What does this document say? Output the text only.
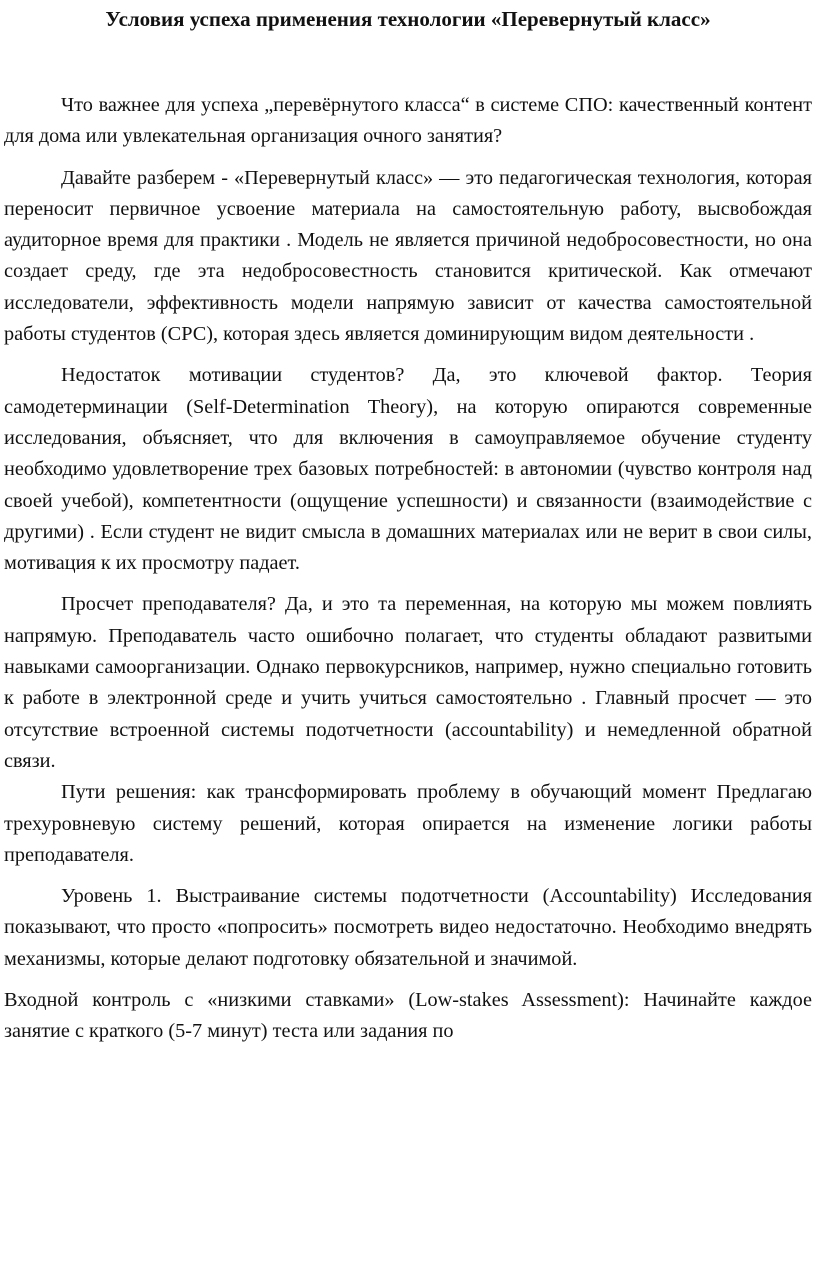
Условия успеха применения технологии «Перевернутый класс»

Что важнее для успеха „перевёрнутого класса“ в системе СПО: качественный контент для дома или увлекательная организация очного занятия?

Давайте разберем - «Перевернутый класс» — это педагогическая технология, которая переносит первичное усвоение материала на самостоятельную работу, высвобождая аудиторное время для практики . Модель не является причиной недобросовестности, но она создает среду, где эта недобросовестность становится критической. Как отмечают исследователи, эффективность модели напрямую зависит от качества самостоятельной работы студентов (СРС), которая здесь является доминирующим видом деятельности .

Недостаток мотивации студентов? Да, это ключевой фактор. Теория самодетерминации (Self-Determination Theory), на которую опираются современные исследования, объясняет, что для включения в самоуправляемое обучение студенту необходимо удовлетворение трех базовых потребностей: в автономии (чувство контроля над своей учебой), компетентности (ощущение успешности) и связанности (взаимодействие с другими) . Если студент не видит смысла в домашних материалах или не верит в свои силы, мотивация к их просмотру падает.

Просчет преподавателя? Да, и это та переменная, на которую мы можем повлиять напрямую. Преподаватель часто ошибочно полагает, что студенты обладают развитыми навыками самоорганизации. Однако первокурсников, например, нужно специально готовить к работе в электронной среде и учить учиться самостоятельно . Главный просчет — это отсутствие встроенной системы подотчетности (accountability) и немедленной обратной связи.

Пути решения: как трансформировать проблему в обучающий момент Предлагаю трехуровневую систему решений, которая опирается на изменение логики работы преподавателя.

Уровень 1. Выстраивание системы подотчетности (Accountability) Исследования показывают, что просто «попросить» посмотреть видео недостаточно. Необходимо внедрять механизмы, которые делают подготовку обязательной и значимой.

Входной контроль с «низкими ставками» (Low-stakes Assessment): Начинайте каждое занятие с краткого (5-7 минут) теста или задания по
